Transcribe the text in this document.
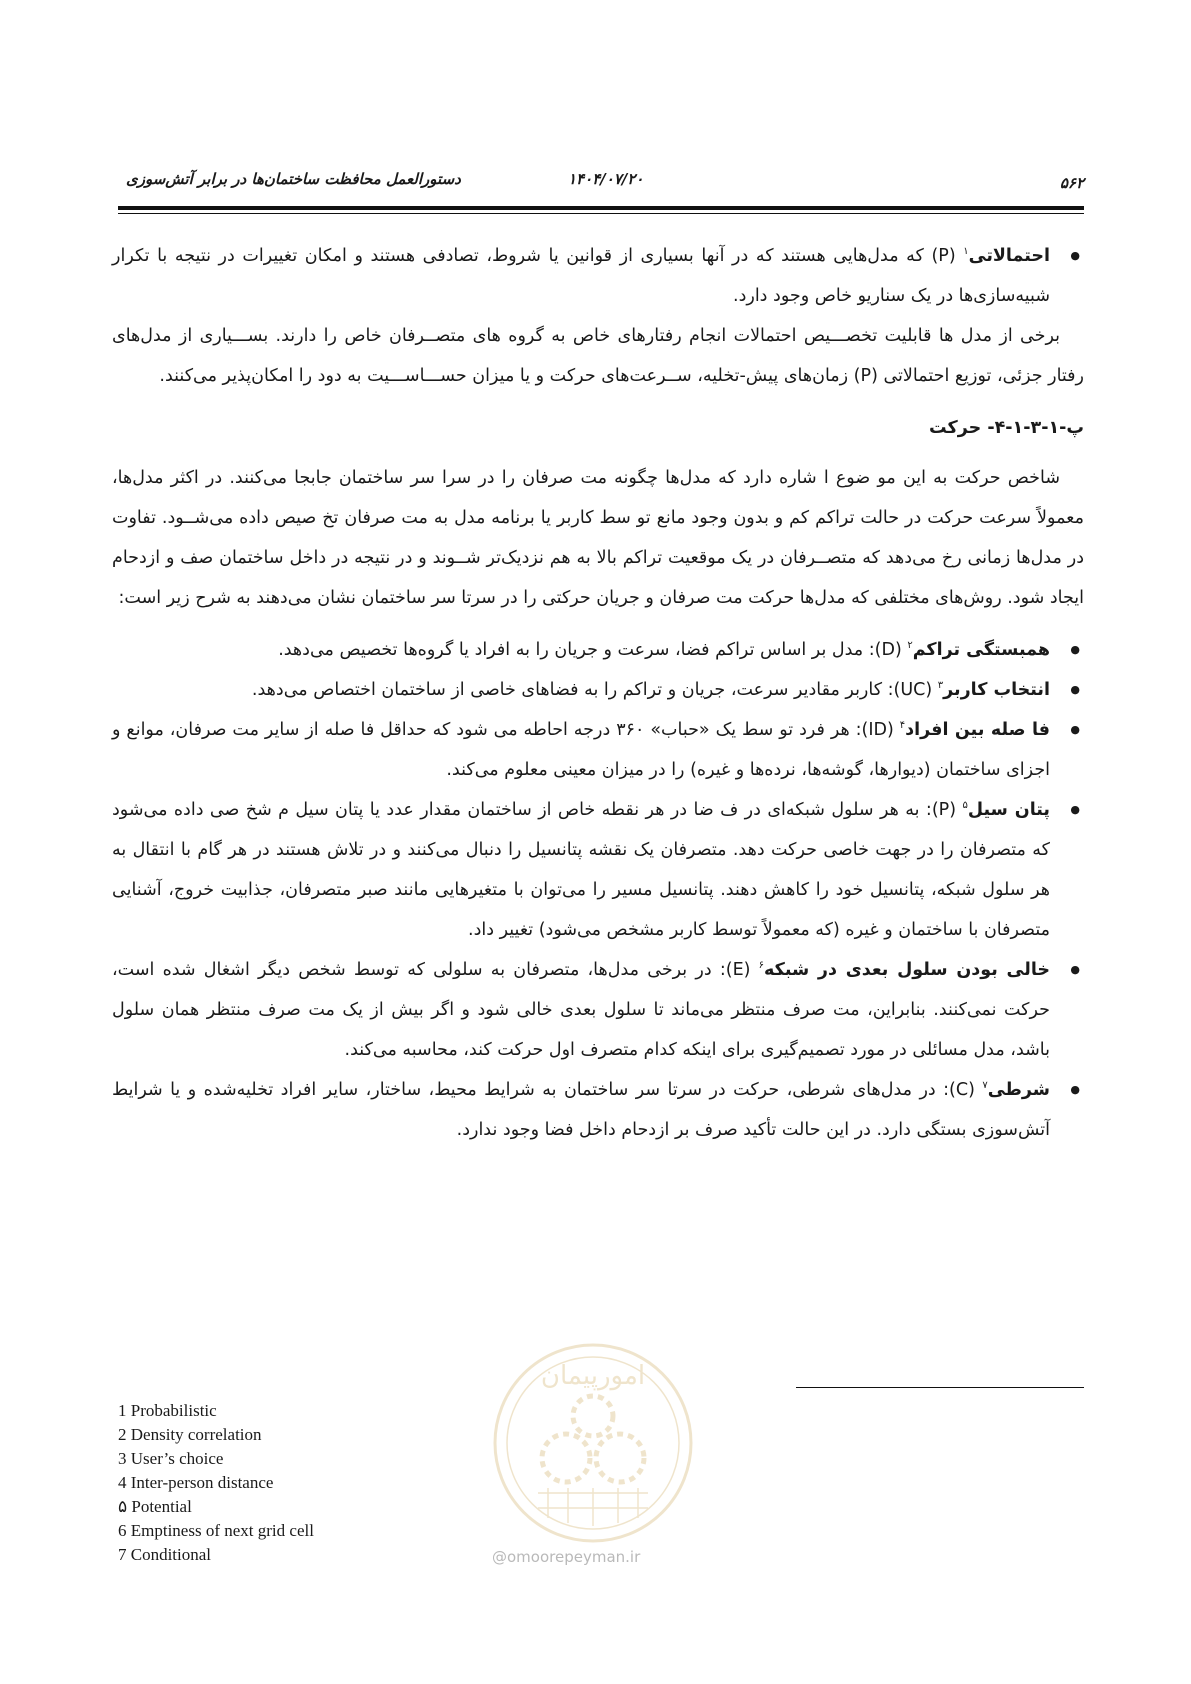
۵۶۲
۱۴۰۴/۰۷/۲۰
دستورالعمل محافظت ساختمان‌ها در برابر آتش‌سوزی

● احتمالاتی$^۱$ (P) که مدل‌هایی هستند که در آنها بسیاری از قوانین یا شروط، تصادفی هستند و امکان تغییرات در نتیجه با تکرار شبیه‌سازی‌ها در یک سناریو خاص وجود دارد.

برخی از مدل ها قابلیت تخصـــیص احتمالات انجام رفتارهای خاص به گروه های متصــرفان خاص را دارند. بســـیاری از مدل‌های رفتار جزئی، توزیع احتمالاتی (P) زمان‌های پیش-تخلیه، ســرعت‌های حرکت و یا میزان حســـاســـیت به دود را امکان‌پذیر می‌کنند.

پ-۱-۳-۱-۴- حرکت

شاخص حرکت به این مو ضوع ا شاره دارد که مدل‌ها چگونه مت صرفان را در سرا سر ساختمان جابجا می‌کنند. در اکثر مدل‌ها، معمولاً سرعت حرکت در حالت تراکم کم و بدون وجود مانع تو سط کاربر یا برنامه مدل به مت صرفان تخ صیص داده می‌شــود. تفاوت در مدل‌ها زمانی رخ می‌دهد که متصــرفان در یک موقعیت تراکم بالا به هم نزدیک‌تر شــوند و در نتیجه در داخل ساختمان صف و ازدحام ایجاد شود. روش‌های مختلفی که مدل‌ها حرکت مت صرفان و جریان حرکتی را در سرتا سر ساختمان نشان می‌دهند به شرح زیر است:

● همبستگی تراکم$^۲$ (D): مدل بر اساس تراکم فضا، سرعت و جریان را به افراد یا گروه‌ها تخصیص می‌دهد.

● انتخاب کاربر$^۳$ (UC): کاربر مقادیر سرعت، جریان و تراکم را به فضاهای خاصی از ساختمان اختصاص می‌دهد.

● فا صله بین افراد$^۴$ (ID): هر فرد تو سط یک «حباب» ۳۶۰ درجه احاطه می شود که حداقل فا صله از سایر مت صرفان، موانع و اجزای ساختمان (دیوارها، گوشه‌ها، نرده‌ها و غیره) را در میزان معینی معلوم می‌کند.

● پتان سیل$^۵$ (P): به هر سلول شبکه‌ای در ف ضا در هر نقطه خاص از ساختمان مقدار عدد یا پتان سیل م شخ صی داده می‌شود که متصرفان را در جهت خاصی حرکت دهد. متصرفان یک نقشه پتانسیل را دنبال می‌کنند و در تلاش هستند در هر گام با انتقال به هر سلول شبکه، پتانسیل خود را کاهش دهند. پتانسیل مسیر را می‌توان با متغیرهایی مانند صبر متصرفان، جذابیت خروج، آشنایی متصرفان با ساختمان و غیره (که معمولاً توسط کاربر مشخص می‌شود) تغییر داد.

● خالی بودن سلول بعدی در شبکه$^۶$ (E): در برخی مدل‌ها، متصرفان به سلولی که توسط شخص دیگر اشغال شده است، حرکت نمی‌کنند. بنابراین، مت صرف منتظر می‌ماند تا سلول بعدی خالی شود و اگر بیش از یک مت صرف منتظر همان سلول باشد، مدل مسائلی در مورد تصمیم‌گیری برای اینکه کدام متصرف اول حرکت کند، محاسبه می‌کند.

● شرطی$^۷$ (C): در مدل‌های شرطی، حرکت در سرتا سر ساختمان به شرایط محیط، ساختار، سایر افراد تخلیه‌شده و یا شرایط آتش‌سوزی بستگی دارد. در این حالت تأکید صرف بر ازدحام داخل فضا وجود ندارد.

1 Probabilistic
2 Density correlation
3 User’s choice
4 Inter-person distance
۵ Potential
6 Emptiness of next grid cell
7 Conditional
امورپیمان
@omoorepeyman.ir
